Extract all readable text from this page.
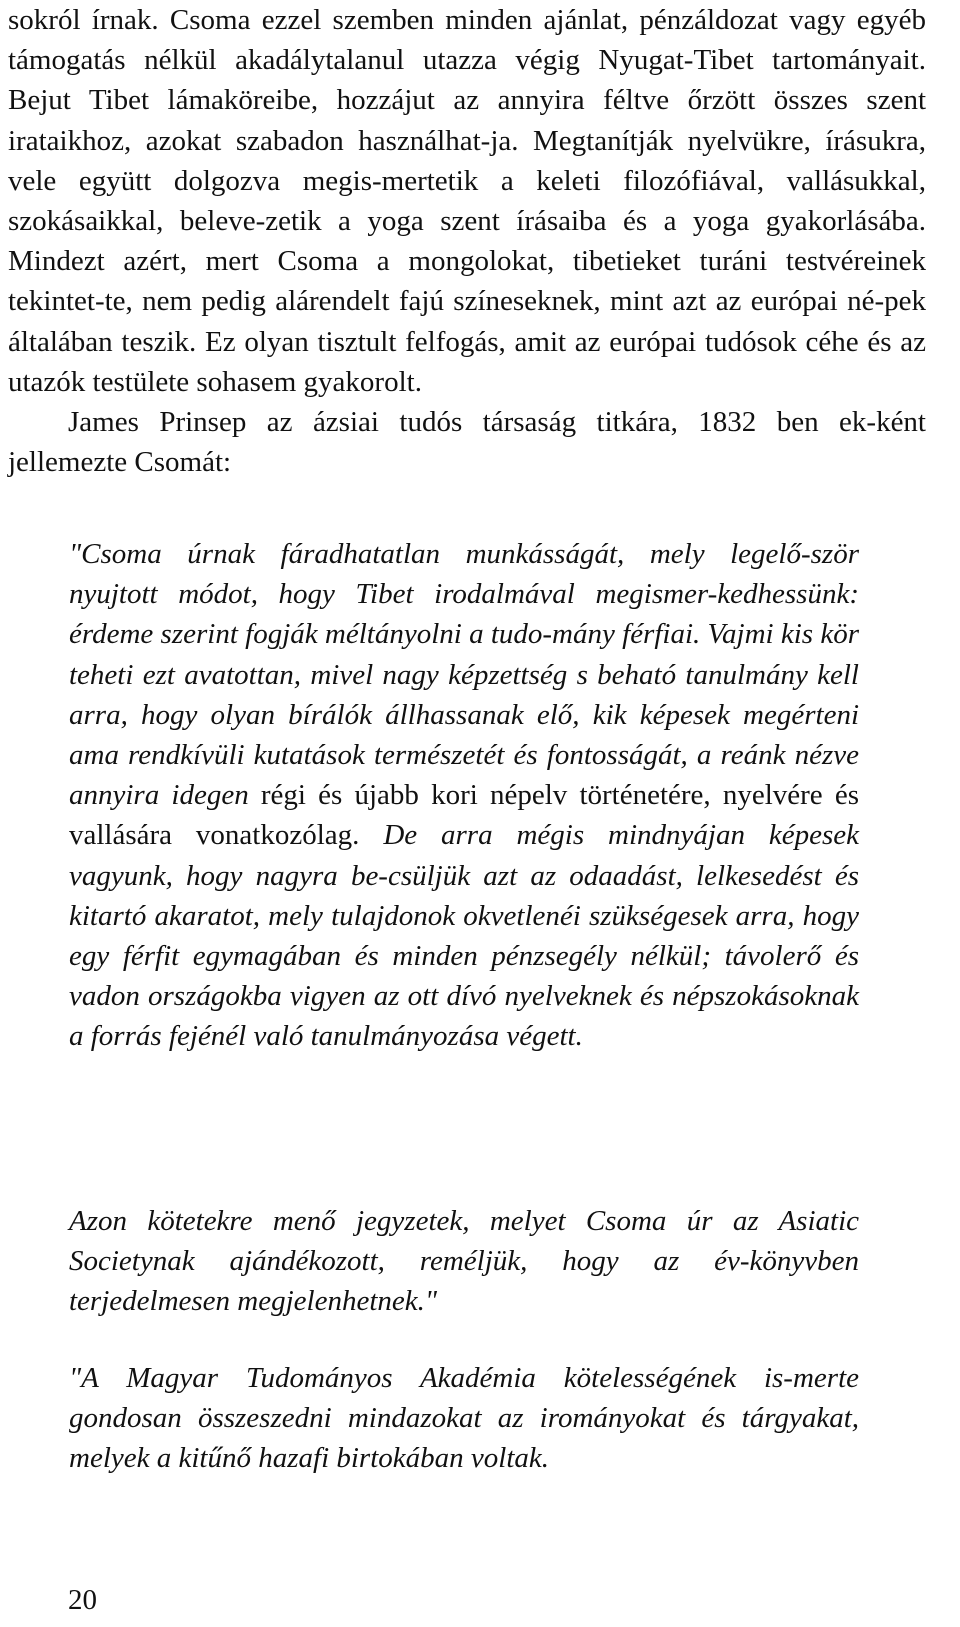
sokról írnak. Csoma ezzel szemben minden ajánlat, pénzáldozat vagy egyéb támogatás nélkül akadálytalanul utazza végig Nyugat-Tibet tartományait. Bejut Tibet lámaköreibe, hozzájut az annyira féltve őrzött összes szent irataikhoz, azokat szabadon használhat-ja. Megtanítják nyelvükre, írásukra, vele együtt dolgozva megis-mertetik a keleti filozófiával, vallásukkal, szokásaikkal, beleve-zetik a yoga szent írásaiba és a yoga gyakorlásába. Mindezt azért, mert Csoma a mongolokat, tibetieket turáni testvéreinek tekintet-te, nem pedig alárendelt fajú színeseknek, mint azt az európai né-pek általában teszik. Ez olyan tisztult felfogás, amit az európai tudósok céhe és az utazók testülete sohasem gyakorolt.

James Prinsep az ázsiai tudós társaság titkára, 1832 ben ek-ként jellemezte Csomát:

"Csoma úrnak fáradhatatlan munkásságát, mely legelő-ször nyujtott módot, hogy Tibet irodalmával megismer-kedhessünk: érdeme szerint fogják méltányolni a tudo-mány férfiai. Vajmi kis kör teheti ezt avatottan, mivel nagy képzettség s beható tanulmány kell arra, hogy olyan bírálók állhassanak elő, kik képesek megérteni ama rendkívüli kutatások természetét és fontosságát, a reánk nézve annyira idegen régi és újabb kori népelv történetére, nyelvére és vallására vonatkozólag. De arra mégis mindnyájan képesek vagyunk, hogy nagyra be-csüljük azt az odaadást, lelkesedést és kitartó akaratot, mely tulajdonok okvetlenéi szükségesek arra, hogy egy férfit egymagában és minden pénzsegély nélkül; távolerő és vadon országokba vigyen az ott dívó nyelveknek és népszokásoknak a forrás fejénél való tanulmányozása végett.
Azon kötetekre menő jegyzetek, melyet Csoma úr az Asiatic Societynak ajándékozott, reméljük, hogy az év-könyvben terjedelmesen megjelenhetnek."
"A Magyar Tudományos Akadémia kötelességének is-merte gondosan összeszedni mindazokat az irományokat és tárgyakat, melyek a kitűnő hazafi birtokában voltak.
20
